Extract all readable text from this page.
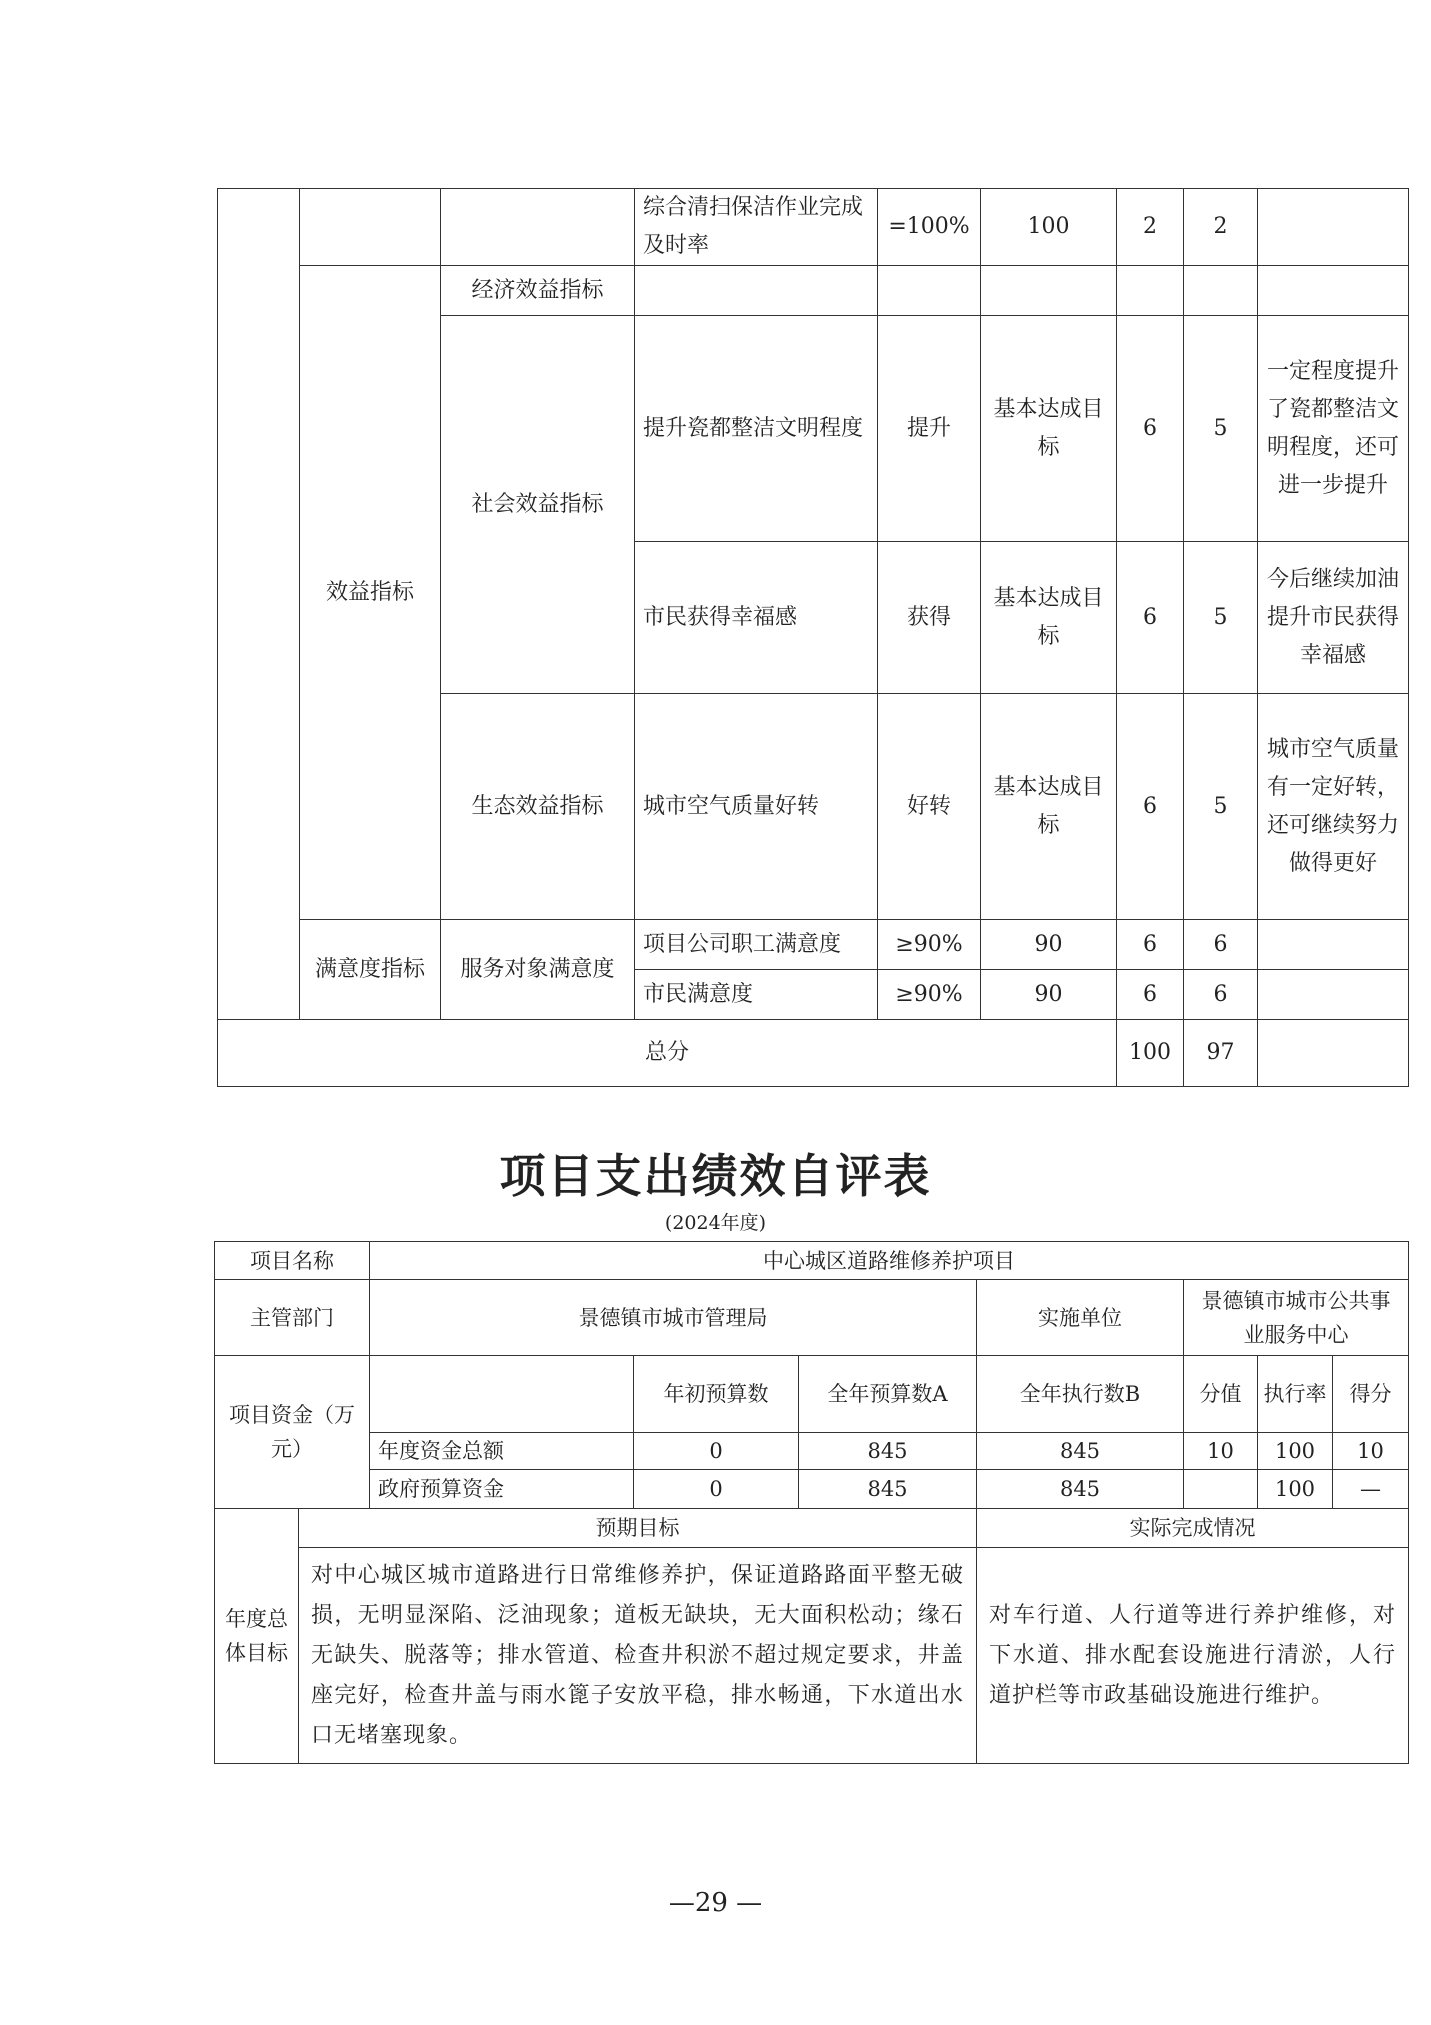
			综合清扫保洁作业完成及时率	=100%	100	2	2	
	效益指标	经济效益指标						
		社会效益指标	提升瓷都整洁文明程度	提升	基本达成目标	6	5	一定程度提升了瓷都整洁文明程度，还可进一步提升
			市民获得幸福感	获得	基本达成目标	6	5	今后继续加油提升市民获得幸福感
		生态效益指标	城市空气质量好转	好转	基本达成目标	6	5	城市空气质量有一定好转，还可继续努力做得更好
	满意度指标	服务对象满意度	项目公司职工满意度	≥90%	90	6	6	
			市民满意度	≥90%	90	6	6	
总分						100	97	
项目支出绩效自评表
(2024年度)
项目名称		中心城区道路维修养护项目						
主管部门		景德镇市城市管理局			实施单位	景德镇市城市公共事业服务中心		
项目资金（万元）			年初预算数	全年预算数A	全年执行数B	分值	执行率	得分
		年度资金总额	0	845	845	10	100	10
		政府预算资金	0	845	845		100	—
年度总体目标	预期目标				实际完成情况			
	对中心城区城市道路进行日常维修养护，保证道路路面平整无破损，无明显深陷、泛油现象；道板无缺块，无大面积松动；缘石无缺失、脱落等；排水管道、检查井积淤不超过规定要求，井盖座完好，检查井盖与雨水篦子安放平稳，排水畅通，下水道出水口无堵塞现象。				对车行道、人行道等进行养护维修，对下水道、排水配套设施进行清淤，人行道护栏等市政基础设施进行维护。			
—29 —
